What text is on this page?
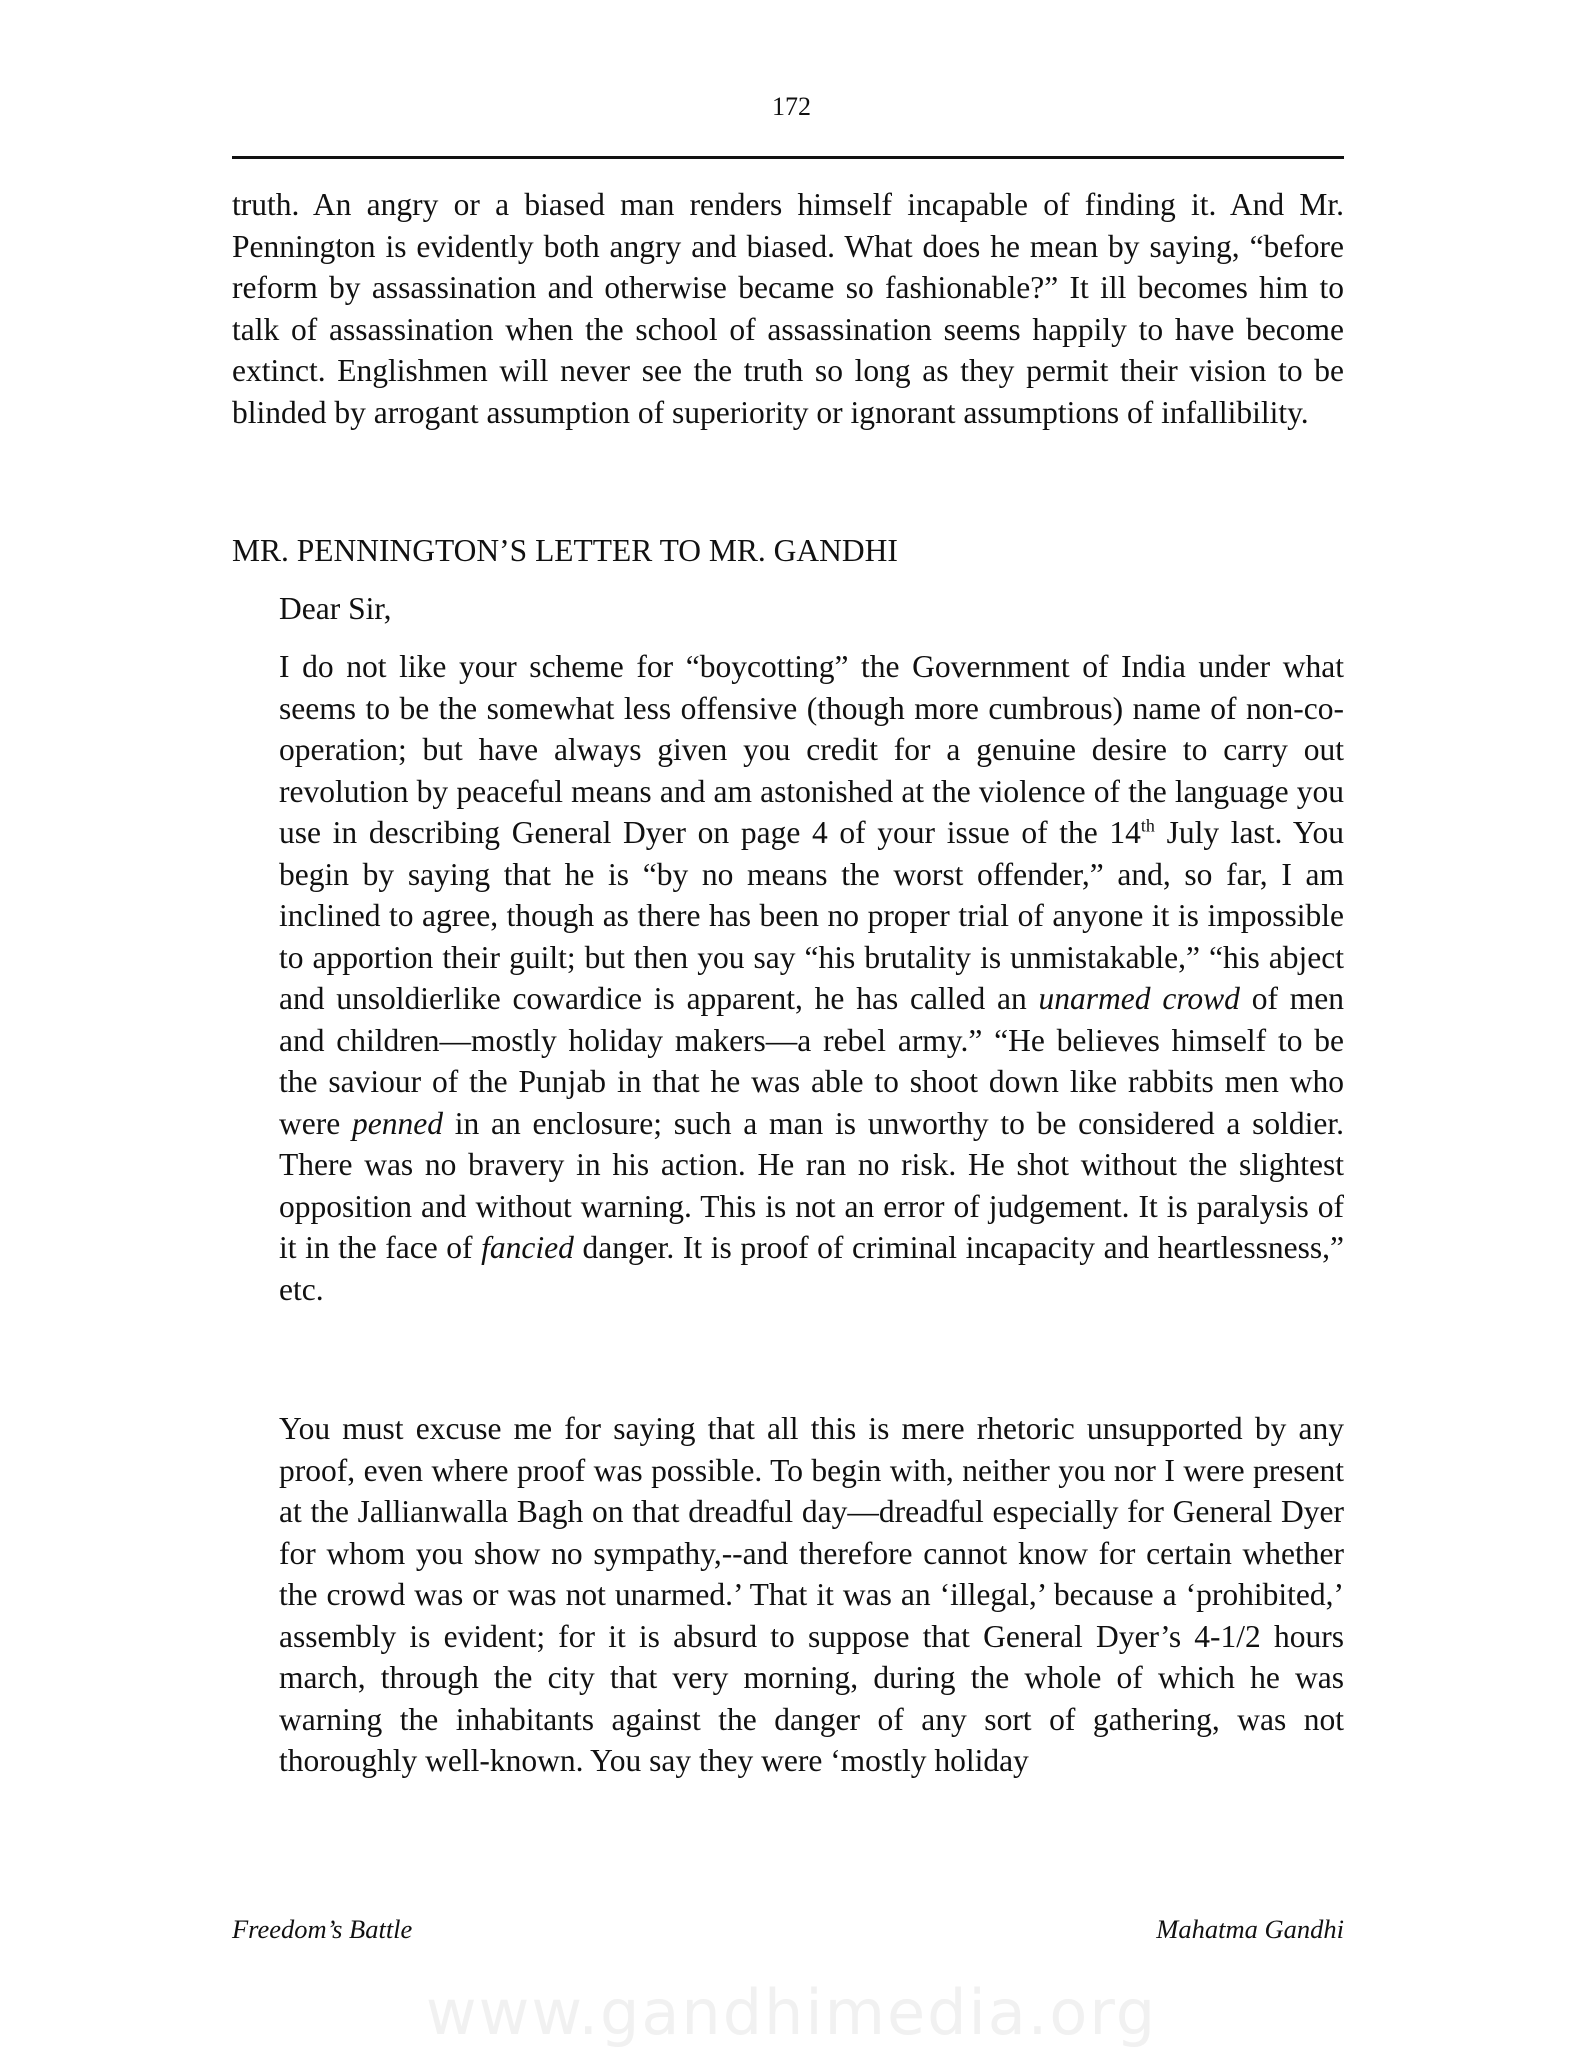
172

truth. An angry or a biased man renders himself incapable of finding it. And Mr. Pennington is evidently both angry and biased. What does he mean by saying, “before reform by assassination and otherwise became so fashionable?” It ill becomes him to talk of assassination when the school of assassination seems happily to have become extinct. Englishmen will never see the truth so long as they permit their vision to be blinded by arrogant assumption of superiority or ignorant assumptions of infallibility.

MR. PENNINGTON’S LETTER TO MR. GANDHI

Dear Sir,

I do not like your scheme for “boycotting” the Government of India under what seems to be the somewhat less offensive (though more cumbrous) name of non-co-operation; but have always given you credit for a genuine desire to carry out revolution by peaceful means and am astonished at the violence of the language you use in describing General Dyer on page 4 of your issue of the 14th July last. You begin by saying that he is “by no means the worst offender,” and, so far, I am inclined to agree, though as there has been no proper trial of anyone it is impossible to apportion their guilt; but then you say “his brutality is unmistakable,” “his abject and unsoldierlike cowardice is apparent, he has called an unarmed crowd of men and children—mostly holiday makers—a rebel army.” “He believes himself to be the saviour of the Punjab in that he was able to shoot down like rabbits men who were penned in an enclosure; such a man is unworthy to be considered a soldier. There was no bravery in his action. He ran no risk. He shot without the slightest opposition and without warning. This is not an error of judgement. It is paralysis of it in the face of fancied danger. It is proof of criminal incapacity and heartlessness,” etc.

You must excuse me for saying that all this is mere rhetoric unsupported by any proof, even where proof was possible. To begin with, neither you nor I were present at the Jallianwalla Bagh on that dreadful day—dreadful especially for General Dyer for whom you show no sympathy,--and therefore cannot know for certain whether the crowd was or was not unarmed.’ That it was an ‘illegal,’ because a ‘prohibited,’ assembly is evident; for it is absurd to suppose that General Dyer’s 4-1/2 hours march, through the city that very morning, during the whole of which he was warning the inhabitants against the danger of any sort of gathering, was not thoroughly well-known. You say they were ‘mostly holiday

Freedom’s Battle	Mahatma Gandhi
www.gandhimedia.org
